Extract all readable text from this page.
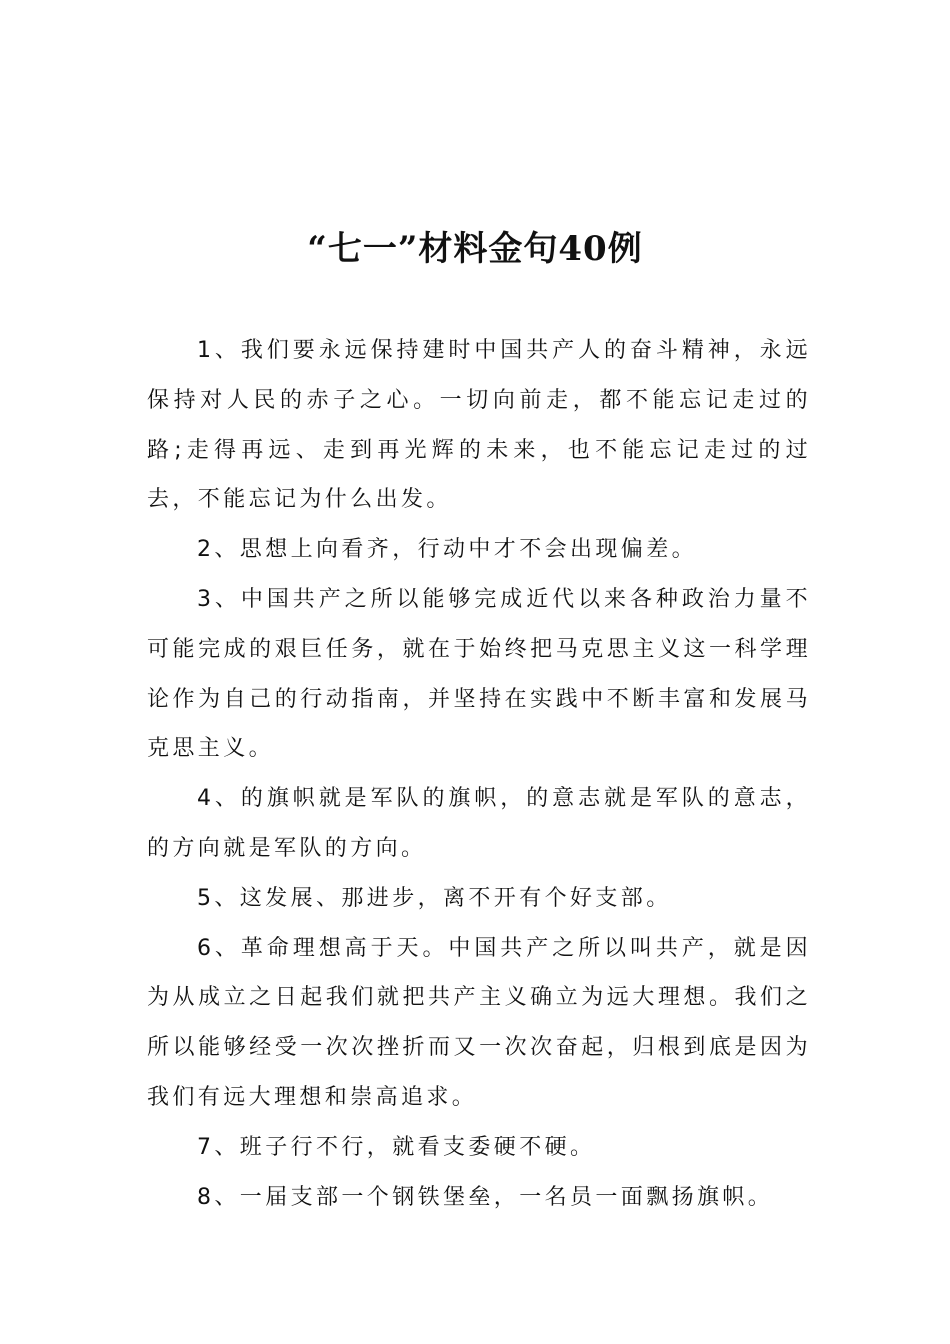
“七一”材料金句40例

1、我们要永远保持建时中国共产人的奋斗精神，永远保持对人民的赤子之心。一切向前走，都不能忘记走过的路;走得再远、走到再光辉的未来，也不能忘记走过的过去，不能忘记为什么出发。

2、思想上向看齐，行动中才不会出现偏差。

3、中国共产之所以能够完成近代以来各种政治力量不可能完成的艰巨任务，就在于始终把马克思主义这一科学理论作为自己的行动指南，并坚持在实践中不断丰富和发展马克思主义。

4、的旗帜就是军队的旗帜，的意志就是军队的意志，的方向就是军队的方向。

5、这发展、那进步，离不开有个好支部。

6、革命理想高于天。中国共产之所以叫共产，就是因为从成立之日起我们就把共产主义确立为远大理想。我们之所以能够经受一次次挫折而又一次次奋起，归根到底是因为我们有远大理想和崇高追求。

7、班子行不行，就看支委硬不硬。

8、一届支部一个钢铁堡垒，一名员一面飘扬旗帜。
